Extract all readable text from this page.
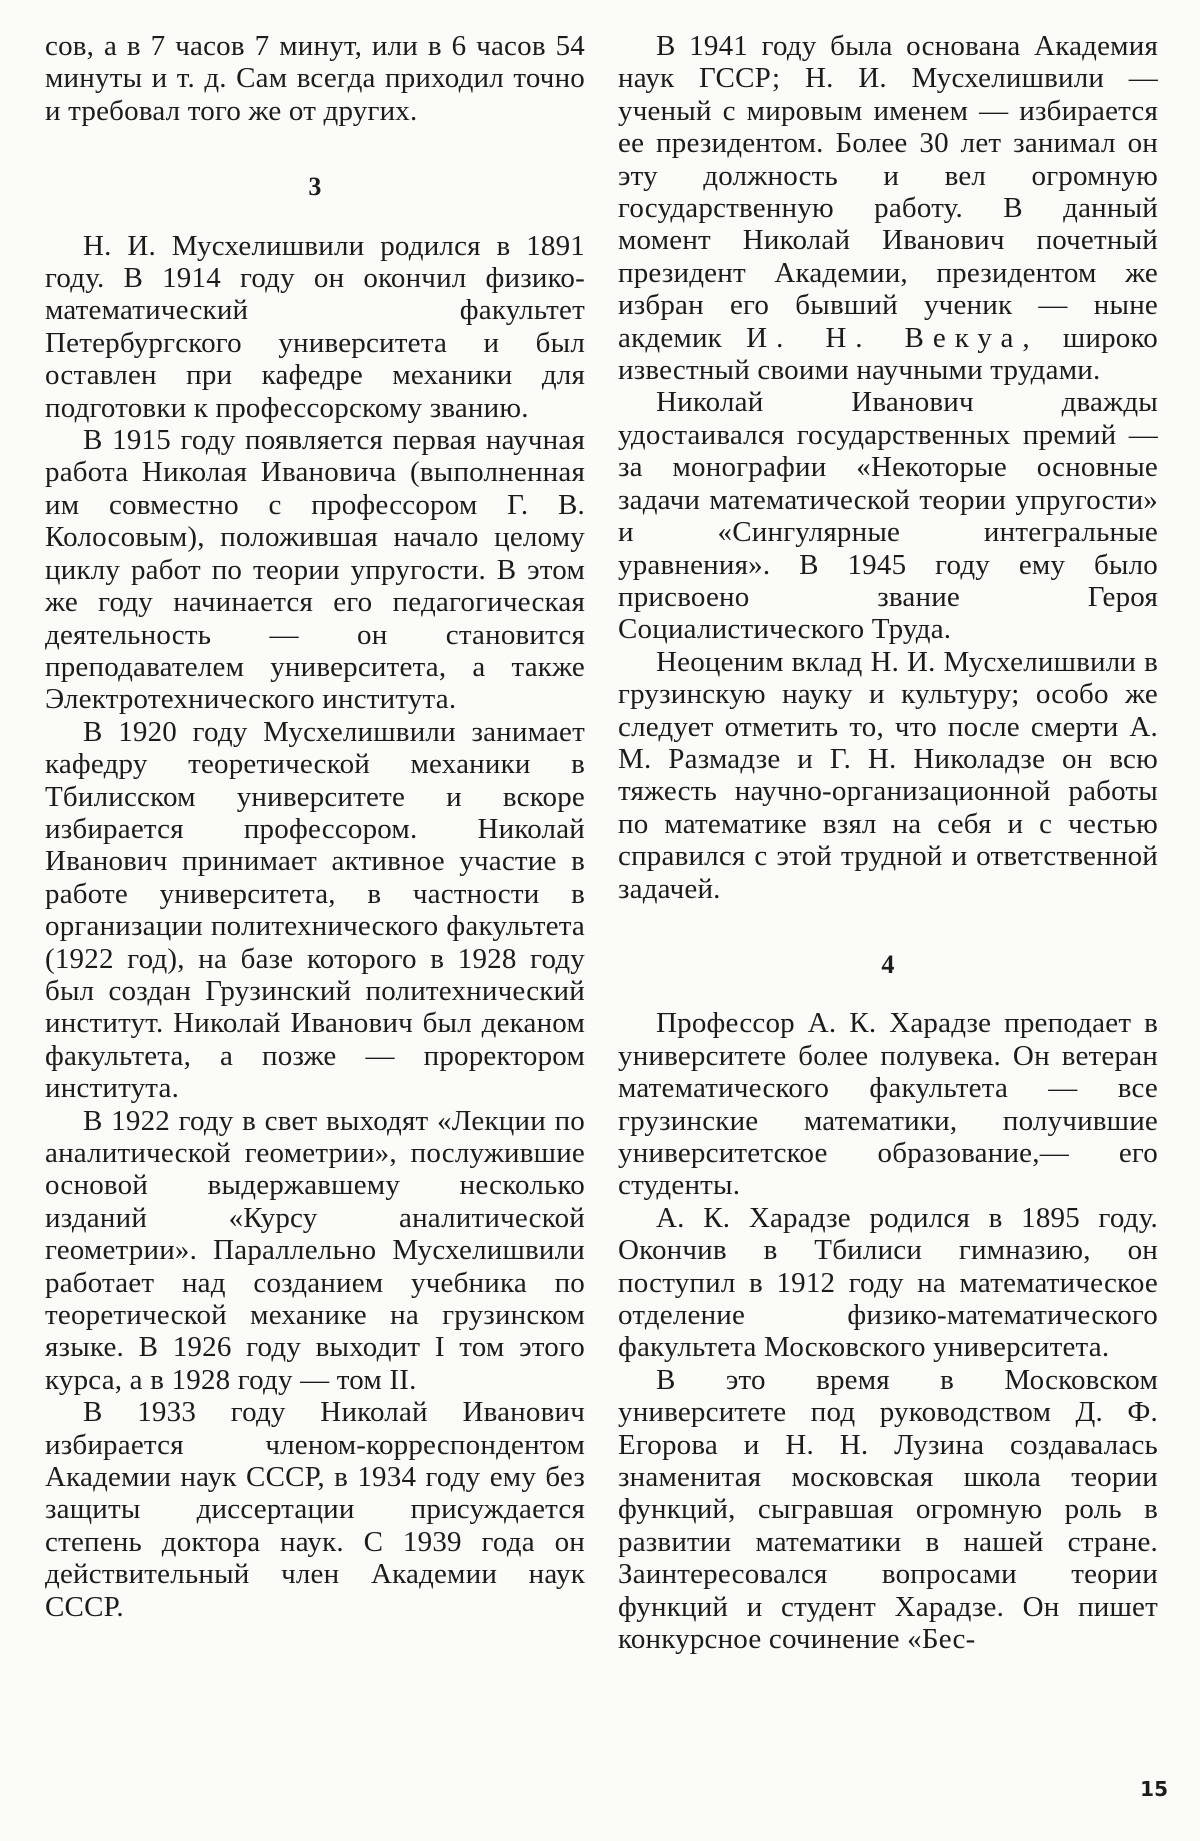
сов, а в 7 часов 7 минут, или в 6 часов 54 минуты и т. д. Сам всегда приходил точно и требовал того же от других.

3

Н. И. Мусхелишвили родился в 1891 году. В 1914 году он окончил физико-математический факультет Петербургского университета и был оставлен при кафедре механики для подготовки к профессорскому званию.

В 1915 году появляется первая научная работа Николая Ивановича (выполненная им совместно с профессором Г. В. Колосовым), положившая начало целому циклу работ по теории упругости. В этом же году начинается его педагогическая деятельность — он становится преподавателем университета, а также Электротехнического института.

В 1920 году Мусхелишвили занимает кафедру теоретической механики в Тбилисском университете и вскоре избирается профессором. Николай Иванович принимает активное участие в работе университета, в частности в организации политехнического факультета (1922 год), на базе которого в 1928 году был создан Грузинский политехнический институт. Николай Иванович был деканом факультета, а позже — проректором института.

В 1922 году в свет выходят «Лекции по аналитической геометрии», послужившие основой выдержавшему несколько изданий «Курсу аналитической геометрии». Параллельно Мусхелишвили работает над созданием учебника по теоретической механике на грузинском языке. В 1926 году выходит I том этого курса, а в 1928 году — том II.

В 1933 году Николай Иванович избирается членом-корреспондентом Академии наук СССР, в 1934 году ему без защиты диссертации присуждается степень доктора наук. С 1939 года он действительный член Академии наук СССР.

В 1941 году была основана Академия наук ГССР; Н. И. Мусхелишвили — ученый с мировым именем — избирается ее президентом. Более 30 лет занимал он эту должность и вел огромную государственную работу. В данный момент Николай Иванович почетный президент Академии, президентом же избран его бывший ученик — ныне акдемик И. Н. Векуа, широко известный своими научными трудами.

Николай Иванович дважды удостаивался государственных премий — за монографии «Некоторые основные задачи математической теории упругости» и «Сингулярные интегральные уравнения». В 1945 году ему было присвоено звание Героя Социалистического Труда.

Неоценим вклад Н. И. Мусхелишвили в грузинскую науку и культуру; особо же следует отметить то, что после смерти А. М. Размадзе и Г. Н. Николадзе он всю тяжесть научно-организационной работы по математике взял на себя и с честью справился с этой трудной и ответственной задачей.

4

Профессор А. К. Харадзе преподает в университете более полувека. Он ветеран математического факультета — все грузинские математики, получившие университетское образование,— его студенты.

А. К. Харадзе родился в 1895 году. Окончив в Тбилиси гимназию, он поступил в 1912 году на математическое отделение физико-математического факультета Московского университета.

В это время в Московском университете под руководством Д. Ф. Егорова и Н. Н. Лузина создавалась знаменитая московская школа теории функций, сыгравшая огромную роль в развитии математики в нашей стране. Заинтересовался вопросами теории функций и студент Харадзе. Он пишет конкурсное сочинение «Бес-

15
